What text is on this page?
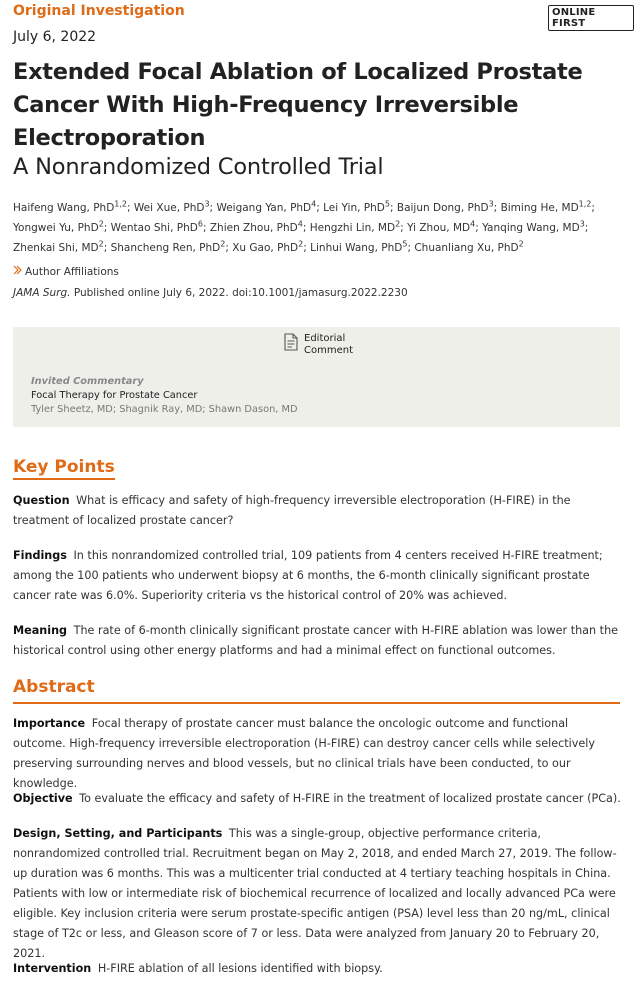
Original Investigation	ONLINE FIRST
July 6, 2022
Extended Focal Ablation of Localized Prostate Cancer With High-Frequency Irreversible Electroporation
A Nonrandomized Controlled Trial
Haifeng Wang, PhD$^{1,2}$; Wei Xue, PhD$^3$; Weigang Yan, PhD$^4$; Lei Yin, PhD$^5$; Baijun Dong, PhD$^3$; Biming He, MD$^{1,2}$; Yongwei Yu, PhD$^2$; Wentao Shi, PhD$^6$; Zhien Zhou, PhD$^4$; Hengzhi Lin, $MD^2$; Yi Zhou, $MD^4$; Yanqing Wang, $MD^3$; Zhenkai Shi, $MD^2$; Shancheng Ren, PhD$^2$; Xu Gao, PhD$^2$; Linhui Wang, PhD$^5$; Chuanliang Xu, PhD$^2$
Author Affiliations
JAMA Surg. Published online July 6, 2022. doi:10.1001/jamasurg.2022.2230
Editorial Comment
Invited Commentary
Focal Therapy for Prostate Cancer
Tyler Sheetz, MD; Shagnik Ray, MD; Shawn Dason, MD
Key Points

Question What is efficacy and safety of high-frequency irreversible electroporation (H-FIRE) in the treatment of localized prostate cancer?

Findings In this nonrandomized controlled trial, 109 patients from 4 centers received H-FIRE treatment; among the 100 patients who underwent biopsy at 6 months, the 6-month clinically significant prostate cancer rate was 6.0%. Superiority criteria vs the historical control of 20% was achieved.

Meaning The rate of 6-month clinically significant prostate cancer with H-FIRE ablation was lower than the historical control using other energy platforms and had a minimal effect on functional outcomes.

Abstract

Importance Focal therapy of prostate cancer must balance the oncologic outcome and functional outcome. High-frequency irreversible electroporation (H-FIRE) can destroy cancer cells while selectively preserving surrounding nerves and blood vessels, but no clinical trials have been conducted, to our knowledge.

Objective To evaluate the efficacy and safety of H-FIRE in the treatment of localized prostate cancer (PCa).

Design, Setting, and Participants This was a single-group, objective performance criteria, nonrandomized controlled trial. Recruitment began on May 2, 2018, and ended March 27, 2019. The follow-up duration was 6 months. This was a multicenter trial conducted at 4 tertiary teaching hospitals in China. Patients with low or intermediate risk of biochemical recurrence of localized and locally advanced PCa were eligible. Key inclusion criteria were serum prostate-specific antigen (PSA) level less than 20 ng/mL, clinical stage of T2c or less, and Gleason score of 7 or less. Data were analyzed from January 20 to February 20, 2021.

Intervention H-FIRE ablation of all lesions identified with biopsy.
